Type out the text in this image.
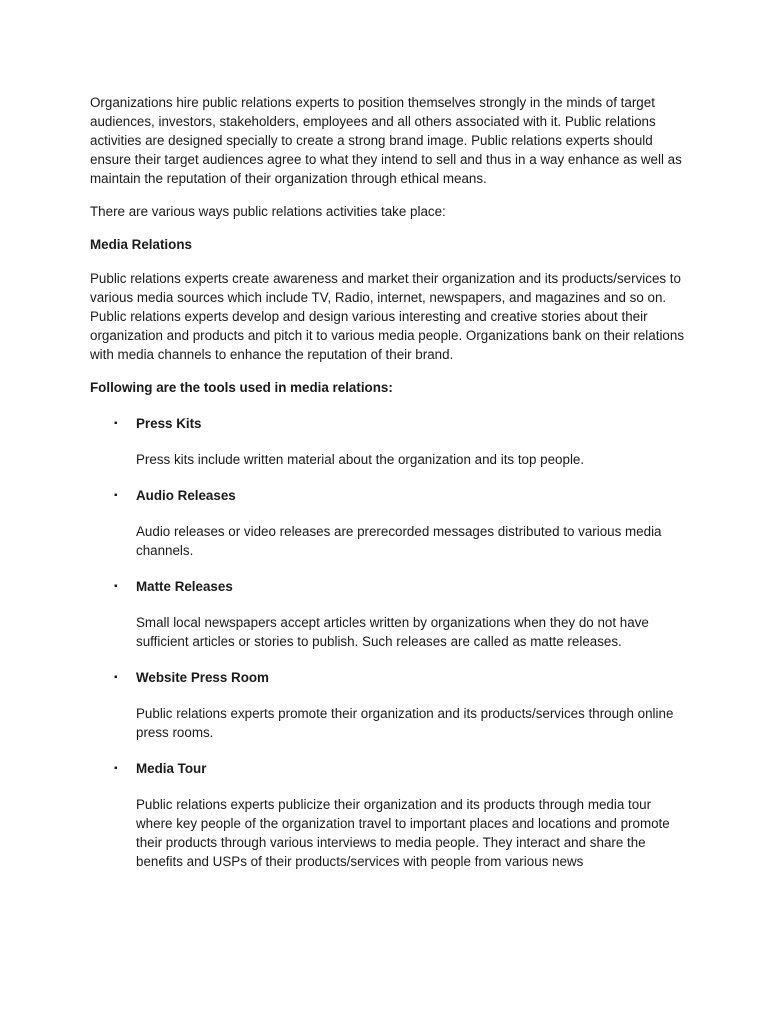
Organizations hire public relations experts to position themselves strongly in the minds of target audiences, investors, stakeholders, employees and all others associated with it. Public relations activities are designed specially to create a strong brand image. Public relations experts should ensure their target audiences agree to what they intend to sell and thus in a way enhance as well as maintain the reputation of their organization through ethical means.

There are various ways public relations activities take place:

Media Relations

Public relations experts create awareness and market their organization and its products/services to various media sources which include TV, Radio, internet, newspapers, and magazines and so on. Public relations experts develop and design various interesting and creative stories about their organization and products and pitch it to various media people. Organizations bank on their relations with media channels to enhance the reputation of their brand.

Following are the tools used in media relations:

▪	Press Kits
Press kits include written material about the organization and its top people.
▪	Audio Releases
Audio releases or video releases are prerecorded messages distributed to various media channels.
▪	Matte Releases
Small local newspapers accept articles written by organizations when they do not have sufficient articles or stories to publish. Such releases are called as matte releases.
▪	Website Press Room
Public relations experts promote their organization and its products/services through online press rooms.
▪	Media Tour
Public relations experts publicize their organization and its products through media tour where key people of the organization travel to important places and locations and promote their products through various interviews to media people. They interact and share the benefits and USPs of their products/services with people from various news
